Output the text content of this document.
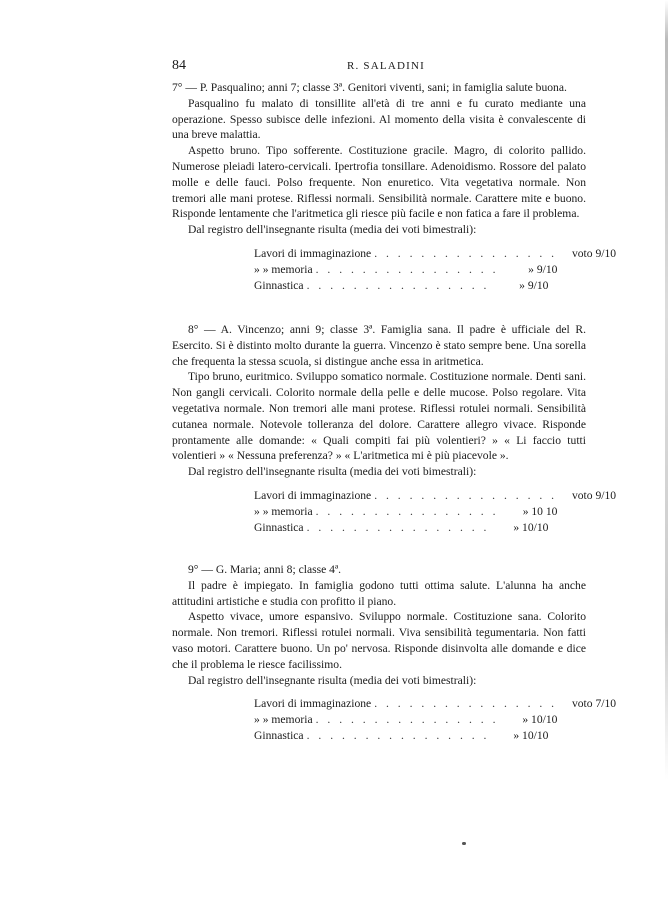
84	R. SALADINI

7° — P. Pasqualino; anni 7; classe 3ª. Genitori viventi, sani; in famiglia salute buona.

Pasqualino fu malato di tonsillite all'età di tre anni e fu curato mediante una operazione. Spesso subisce delle infezioni. Al momento della visita è convalescente di una breve malattia.

Aspetto bruno. Tipo sofferente. Costituzione gracile. Magro, di colorito pallido. Numerose pleiadi latero-cervicali. Ipertrofia tonsillare. Adenoidismo. Rossore del palato molle e delle fauci. Polso frequente. Non enuretico. Vita vegetativa normale. Non tremori alle mani protese. Riflessi normali. Sensibilità normale. Carattere mite e buono. Risponde lentamente che l'aritmetica gli riesce più facile e non fatica a fare il problema.

Dal registro dell'insegnante risulta (media dei voti bimestrali):

Lavori di immaginazione . . . . . . . . . . . . . . . .	voto 9/10
» » memoria . . . . . . . . . . . . . . . .	» 9/10
Ginnastica . . . . . . . . . . . . . . . .	» 9/10

8° — A. Vincenzo; anni 9; classe 3ª. Famiglia sana. Il padre è ufficiale del R. Esercito. Si è distinto molto durante la guerra. Vincenzo è stato sempre bene. Una sorella che frequenta la stessa scuola, si distingue anche essa in aritmetica.

Tipo bruno, euritmico. Sviluppo somatico normale. Costituzione normale. Denti sani. Non gangli cervicali. Colorito normale della pelle e delle mucose. Polso regolare. Vita vegetativa normale. Non tremori alle mani protese. Riflessi rotulei normali. Sensibilità cutanea normale. Notevole tolleranza del dolore. Carattere allegro vivace. Risponde prontamente alle domande: « Quali compiti fai più volentieri? » « Li faccio tutti volentieri » « Nessuna preferenza? » « L'aritmetica mi è più piacevole ».

Dal registro dell'insegnante risulta (media dei voti bimestrali):

Lavori di immaginazione . . . . . . . . . . . . . . . .	voto 9/10
» » memoria . . . . . . . . . . . . . . . .	» 10 10
Ginnastica . . . . . . . . . . . . . . . .	» 10/10

9° — G. Maria; anni 8; classe 4ª.

Il padre è impiegato. In famiglia godono tutti ottima salute. L'alunna ha anche attitudini artistiche e studia con profitto il piano.

Aspetto vivace, umore espansivo. Sviluppo normale. Costituzione sana. Colorito normale. Non tremori. Riflessi rotulei normali. Viva sensibilità tegumentaria. Non fatti vaso motori. Carattere buono. Un po' nervosa. Risponde disinvolta alle domande e dice che il problema le riesce facilissimo.

Dal registro dell'insegnante risulta (media dei voti bimestrali):

Lavori di immaginazione . . . . . . . . . . . . . . . .	voto 7/10
» » memoria . . . . . . . . . . . . . . . .	» 10/10
Ginnastica . . . . . . . . . . . . . . . .	» 10/10
